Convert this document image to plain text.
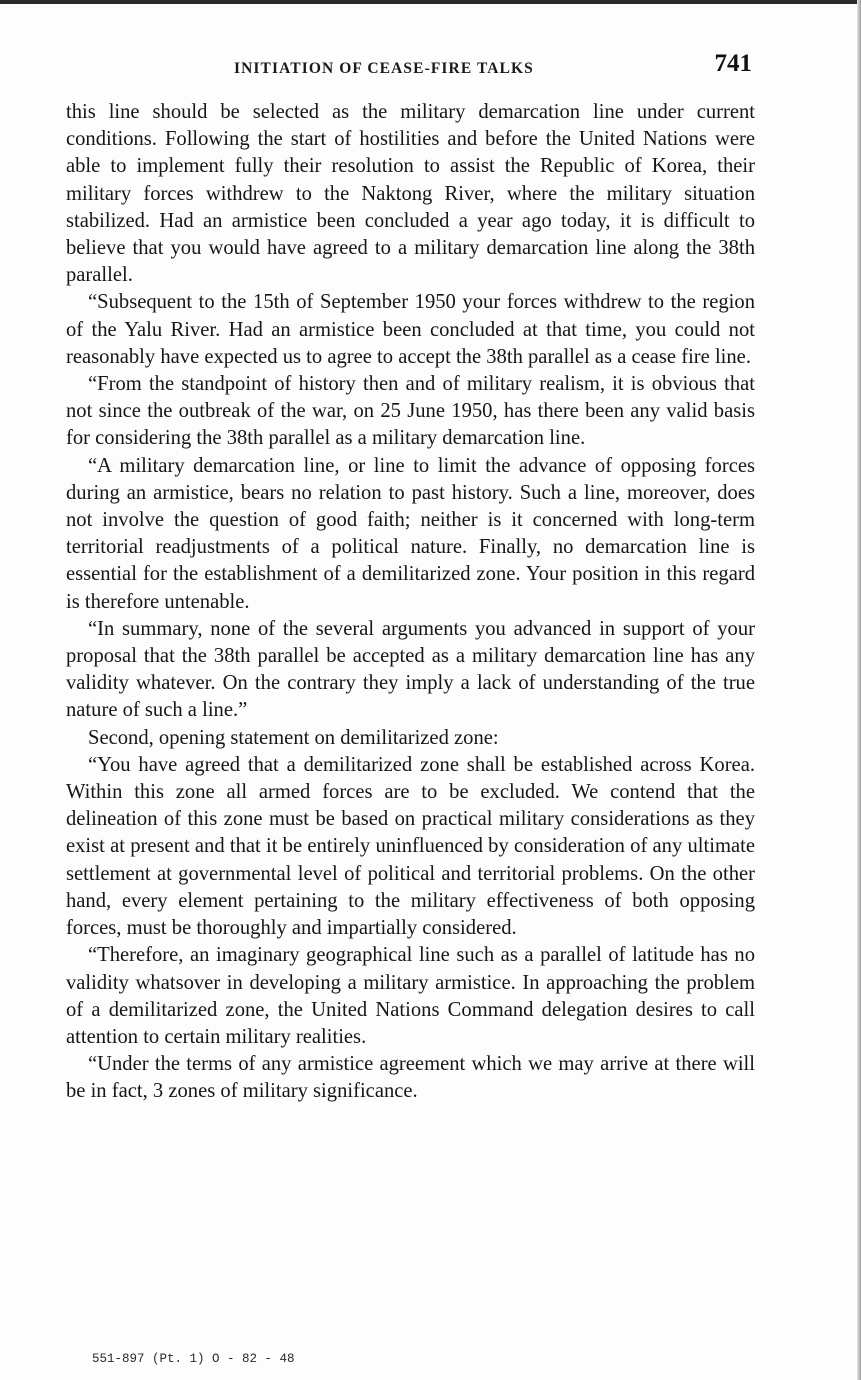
INITIATION OF CEASE-FIRE TALKS	741

this line should be selected as the military demarcation line under current conditions. Following the start of hostilities and before the United Nations were able to implement fully their resolution to assist the Republic of Korea, their military forces withdrew to the Naktong River, where the military situation stabilized. Had an armistice been concluded a year ago today, it is difficult to believe that you would have agreed to a military demarcation line along the 38th parallel.

“Subsequent to the 15th of September 1950 your forces withdrew to the region of the Yalu River. Had an armistice been concluded at that time, you could not reasonably have expected us to agree to accept the 38th parallel as a cease fire line.

“From the standpoint of history then and of military realism, it is obvious that not since the outbreak of the war, on 25 June 1950, has there been any valid basis for considering the 38th parallel as a military demarcation line.

“A military demarcation line, or line to limit the advance of opposing forces during an armistice, bears no relation to past history. Such a line, moreover, does not involve the question of good faith; neither is it concerned with long-term territorial readjustments of a political nature. Finally, no demarcation line is essential for the establishment of a demilitarized zone. Your position in this regard is therefore untenable.

“In summary, none of the several arguments you advanced in support of your proposal that the 38th parallel be accepted as a military demarcation line has any validity whatever. On the contrary they imply a lack of understanding of the true nature of such a line.”

Second, opening statement on demilitarized zone:

“You have agreed that a demilitarized zone shall be established across Korea. Within this zone all armed forces are to be excluded. We contend that the delineation of this zone must be based on practical military considerations as they exist at present and that it be entirely uninfluenced by consideration of any ultimate settlement at governmental level of political and territorial problems. On the other hand, every element pertaining to the military effectiveness of both opposing forces, must be thoroughly and impartially considered.

“Therefore, an imaginary geographical line such as a parallel of latitude has no validity whatsover in developing a military armistice. In approaching the problem of a demilitarized zone, the United Nations Command delegation desires to call attention to certain military realities.

“Under the terms of any armistice agreement which we may arrive at there will be in fact, 3 zones of military significance.

551-897 (Pt. 1) O - 82 - 48
